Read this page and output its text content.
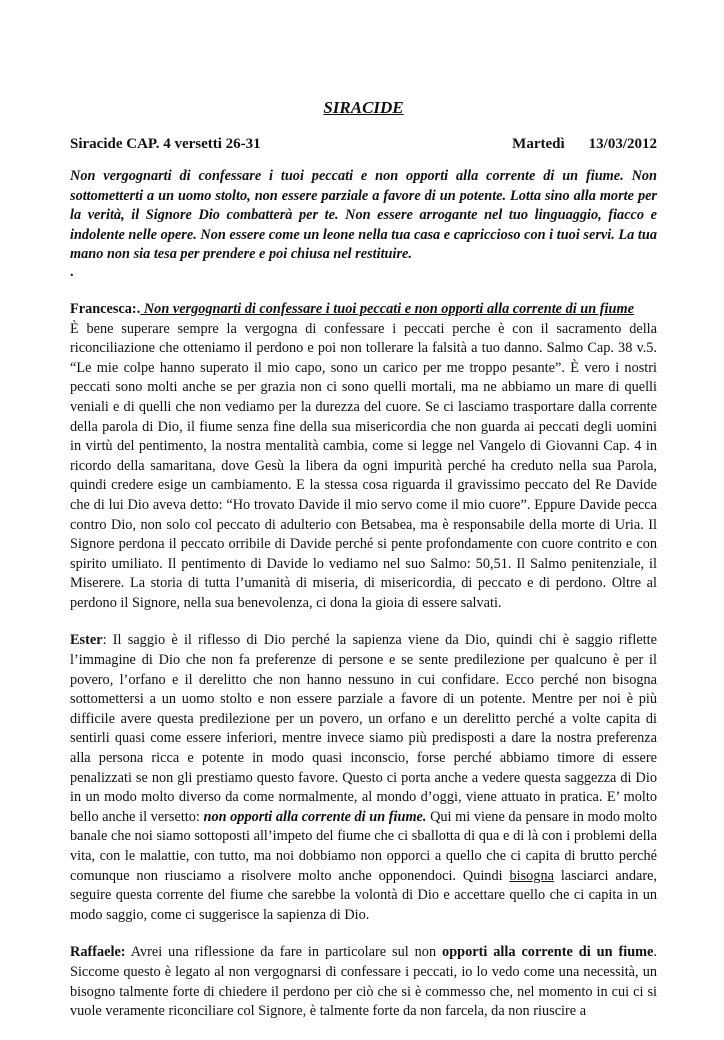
SIRACIDE
Siracide CAP. 4 versetti 26-31	Martedì 13/03/2012

Non vergognarti di confessare i tuoi peccati e non opporti alla corrente di un fiume. Non sottometterti a un uomo stolto, non essere parziale a favore di un potente. Lotta sino alla morte per la verità, il Signore Dio combatterà per te. Non essere arrogante nel tuo linguaggio, fiacco e indolente nelle opere. Non essere come un leone nella tua casa e capriccioso con i tuoi servi. La tua mano non sia tesa per prendere e poi chiusa nel restituire.

.

Francesca:. Non vergognarti di confessare i tuoi peccati e non opporti alla corrente di un fiume
È bene superare sempre la vergogna di confessare i peccati perche è con il sacramento della riconciliazione che otteniamo il perdono e poi non tollerare la falsità a tuo danno. Salmo Cap. 38 v.5. “Le mie colpe hanno superato il mio capo, sono un carico per me troppo pesante”. È vero i nostri peccati sono molti anche se per grazia non ci sono quelli mortali, ma ne abbiamo un mare di quelli veniali e di quelli che non vediamo per la durezza del cuore. Se ci lasciamo trasportare dalla corrente della parola di Dio, il fiume senza fine della sua misericordia che non guarda ai peccati degli uomini in virtù del pentimento, la nostra mentalità cambia, come si legge nel Vangelo di Giovanni Cap. 4 in ricordo della samaritana, dove Gesù la libera da ogni impurità perché ha creduto nella sua Parola, quindi credere esige un cambiamento. E la stessa cosa riguarda il gravissimo peccato del Re Davide che di lui Dio aveva detto: “Ho trovato Davide il mio servo come il mio cuore”. Eppure Davide pecca contro Dio, non solo col peccato di adulterio con Betsabea, ma è responsabile della morte di Uria. Il Signore perdona il peccato orribile di Davide perché si pente profondamente con cuore contrito e con spirito umiliato. Il pentimento di Davide lo vediamo nel suo Salmo: 50,51. Il Salmo penitenziale, il Miserere. La storia di tutta l’umanità di miseria, di misericordia, di peccato e di perdono. Oltre al perdono il Signore, nella sua benevolenza, ci dona la gioia di essere salvati.

Ester: Il saggio è il riflesso di Dio perché la sapienza viene da Dio, quindi chi è saggio riflette l’immagine di Dio che non fa preferenze di persone e se sente predilezione per qualcuno è per il povero, l’orfano e il derelitto che non hanno nessuno in cui confidare. Ecco perché non bisogna sottomettersi a un uomo stolto e non essere parziale a favore di un potente. Mentre per noi è più difficile avere questa predilezione per un povero, un orfano e un derelitto perché a volte capita di sentirli quasi come essere inferiori, mentre invece siamo più predisposti a dare la nostra preferenza alla persona ricca e potente in modo quasi inconscio, forse perché abbiamo timore di essere penalizzati se non gli prestiamo questo favore. Questo ci porta anche a vedere questa saggezza di Dio in un modo molto diverso da come normalmente, al mondo d’oggi, viene attuato in pratica. E’ molto bello anche il versetto: non opporti alla corrente di un fiume. Qui mi viene da pensare in modo molto banale che noi siamo sottoposti all’impeto del fiume che ci sballotta di qua e di là con i problemi della vita, con le malattie, con tutto, ma noi dobbiamo non opporci a quello che ci capita di brutto perché comunque non riusciamo a risolvere molto anche opponendoci. Quindi bisogna lasciarci andare, seguire questa corrente del fiume che sarebbe la volontà di Dio e accettare quello che ci capita in un modo saggio, come ci suggerisce la sapienza di Dio.

Raffaele: Avrei una riflessione da fare in particolare sul non opporti alla corrente di un fiume. Siccome questo è legato al non vergognarsi di confessare i peccati, io lo vedo come una necessità, un bisogno talmente forte di chiedere il perdono per ciò che si è commesso che, nel momento in cui ci si vuole veramente riconciliare col Signore, è talmente forte da non farcela, da non riuscire a
